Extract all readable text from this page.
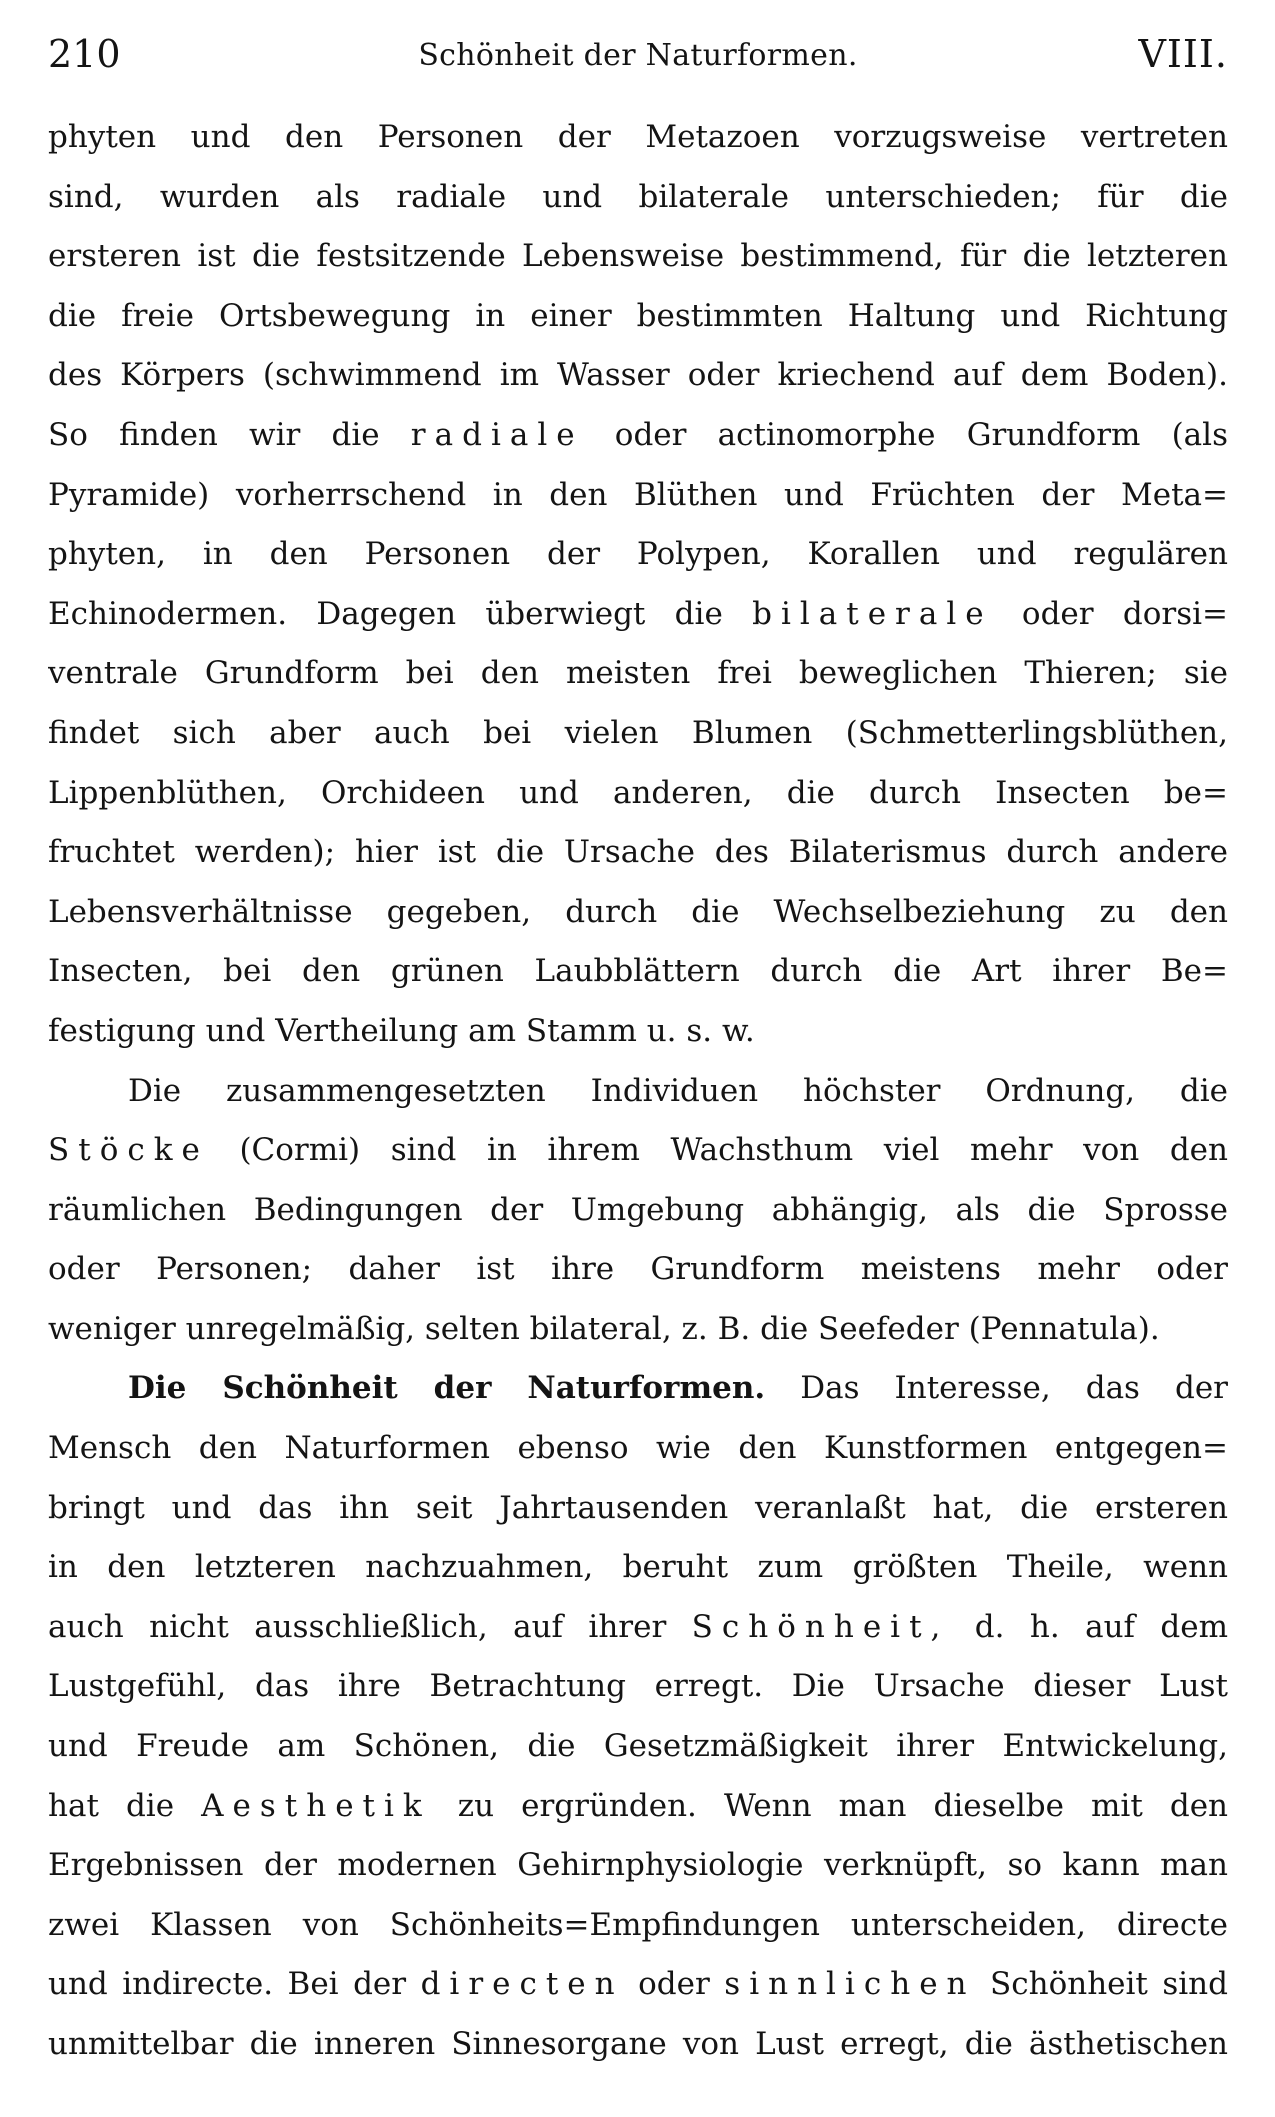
Schönheit der Naturformen.
210	VIII.
phyten und den Personen der Metazoen vorzugsweise vertreten
sind, wurden als radiale und bilaterale unterschieden; für die
ersteren ist die festsitzende Lebensweise bestimmend, für die letzteren
die freie Ortsbewegung in einer bestimmten Haltung und Richtung
des Körpers (schwimmend im Wasser oder kriechend auf dem Boden).
So finden wir die radiale oder actinomorphe Grundform (als
Pyramide) vorherrschend in den Blüthen und Früchten der Meta=
phyten, in den Personen der Polypen, Korallen und regulären
Echinodermen. Dagegen überwiegt die bilaterale oder dorsi=
ventrale Grundform bei den meisten frei beweglichen Thieren; sie
findet sich aber auch bei vielen Blumen (Schmetterlingsblüthen,
Lippenblüthen, Orchideen und anderen, die durch Insecten be=
fruchtet werden); hier ist die Ursache des Bilaterismus durch andere
Lebensverhältnisse gegeben, durch die Wechselbeziehung zu den
Insecten, bei den grünen Laubblättern durch die Art ihrer Be=
festigung und Vertheilung am Stamm u. s. w.
Die zusammengesetzten Individuen höchster Ordnung, die
Stöcke (Cormi) sind in ihrem Wachsthum viel mehr von den
räumlichen Bedingungen der Umgebung abhängig, als die Sprosse
oder Personen; daher ist ihre Grundform meistens mehr oder
weniger unregelmäßig, selten bilateral, z. B. die Seefeder (Pennatula).
Die Schönheit der Naturformen. Das Interesse, das der
Mensch den Naturformen ebenso wie den Kunstformen entgegen=
bringt und das ihn seit Jahrtausenden veranlaßt hat, die ersteren
in den letzteren nachzuahmen, beruht zum größten Theile, wenn
auch nicht ausschließlich, auf ihrer Schönheit, d. h. auf dem
Lustgefühl, das ihre Betrachtung erregt. Die Ursache dieser Lust
und Freude am Schönen, die Gesetzmäßigkeit ihrer Entwickelung,
hat die Aesthetik zu ergründen. Wenn man dieselbe mit den
Ergebnissen der modernen Gehirnphysiologie verknüpft, so kann man
zwei Klassen von Schönheits=Empfindungen unterscheiden, directe
und indirecte. Bei der directen oder sinnlichen Schönheit sind
unmittelbar die inneren Sinnesorgane von Lust erregt, die ästhetischen
